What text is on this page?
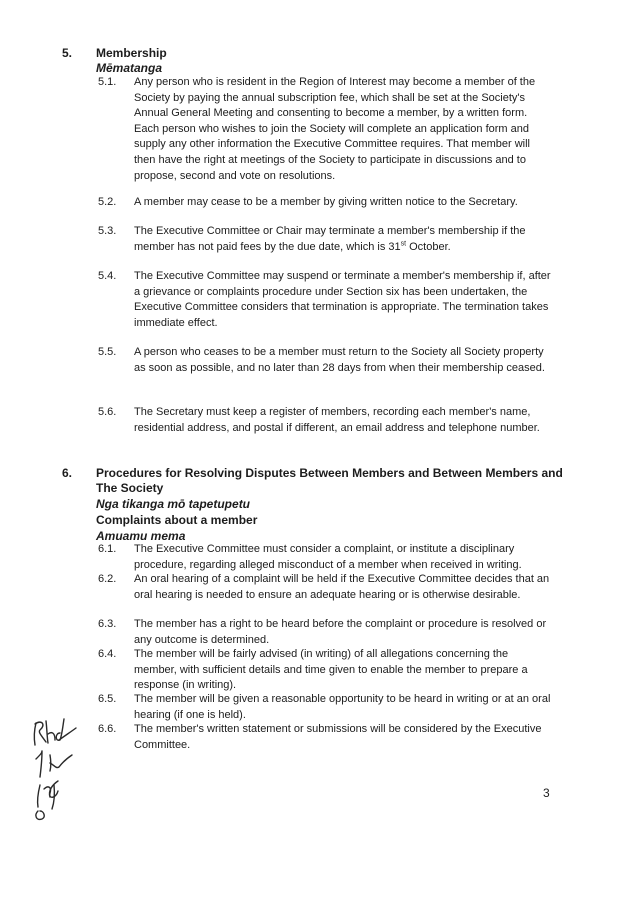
5. Membership
Mēmatanga
5.1. Any person who is resident in the Region of Interest may become a member of the Society by paying the annual subscription fee, which shall be set at the Society's Annual General Meeting and consenting to become a member, by a written form. Each person who wishes to join the Society will complete an application form and supply any other information the Executive Committee requires. That member will then have the right at meetings of the Society to participate in discussions and to propose, second and vote on resolutions.
5.2. A member may cease to be a member by giving written notice to the Secretary.
5.3. The Executive Committee or Chair may terminate a member's membership if the member has not paid fees by the due date, which is 31st October.
5.4. The Executive Committee may suspend or terminate a member's membership if, after a grievance or complaints procedure under Section six has been undertaken, the Executive Committee considers that termination is appropriate. The termination takes immediate effect.
5.5. A person who ceases to be a member must return to the Society all Society property as soon as possible, and no later than 28 days from when their membership ceased.
5.6. The Secretary must keep a register of members, recording each member's name, residential address, and postal if different, an email address and telephone number.
6. Procedures for Resolving Disputes Between Members and Between Members and The Society
Nga tikanga mō tapetupetu
Complaints about a member
Amuamu mema
6.1. The Executive Committee must consider a complaint, or institute a disciplinary procedure, regarding alleged misconduct of a member when received in writing.
6.2. An oral hearing of a complaint will be held if the Executive Committee decides that an oral hearing is needed to ensure an adequate hearing or is otherwise desirable.
6.3. The member has a right to be heard before the complaint or procedure is resolved or any outcome is determined.
6.4. The member will be fairly advised (in writing) of all allegations concerning the member, with sufficient details and time given to enable the member to prepare a response (in writing).
6.5. The member will be given a reasonable opportunity to be heard in writing or at an oral hearing (if one is held).
6.6. The member's written statement or submissions will be considered by the Executive Committee.
3
